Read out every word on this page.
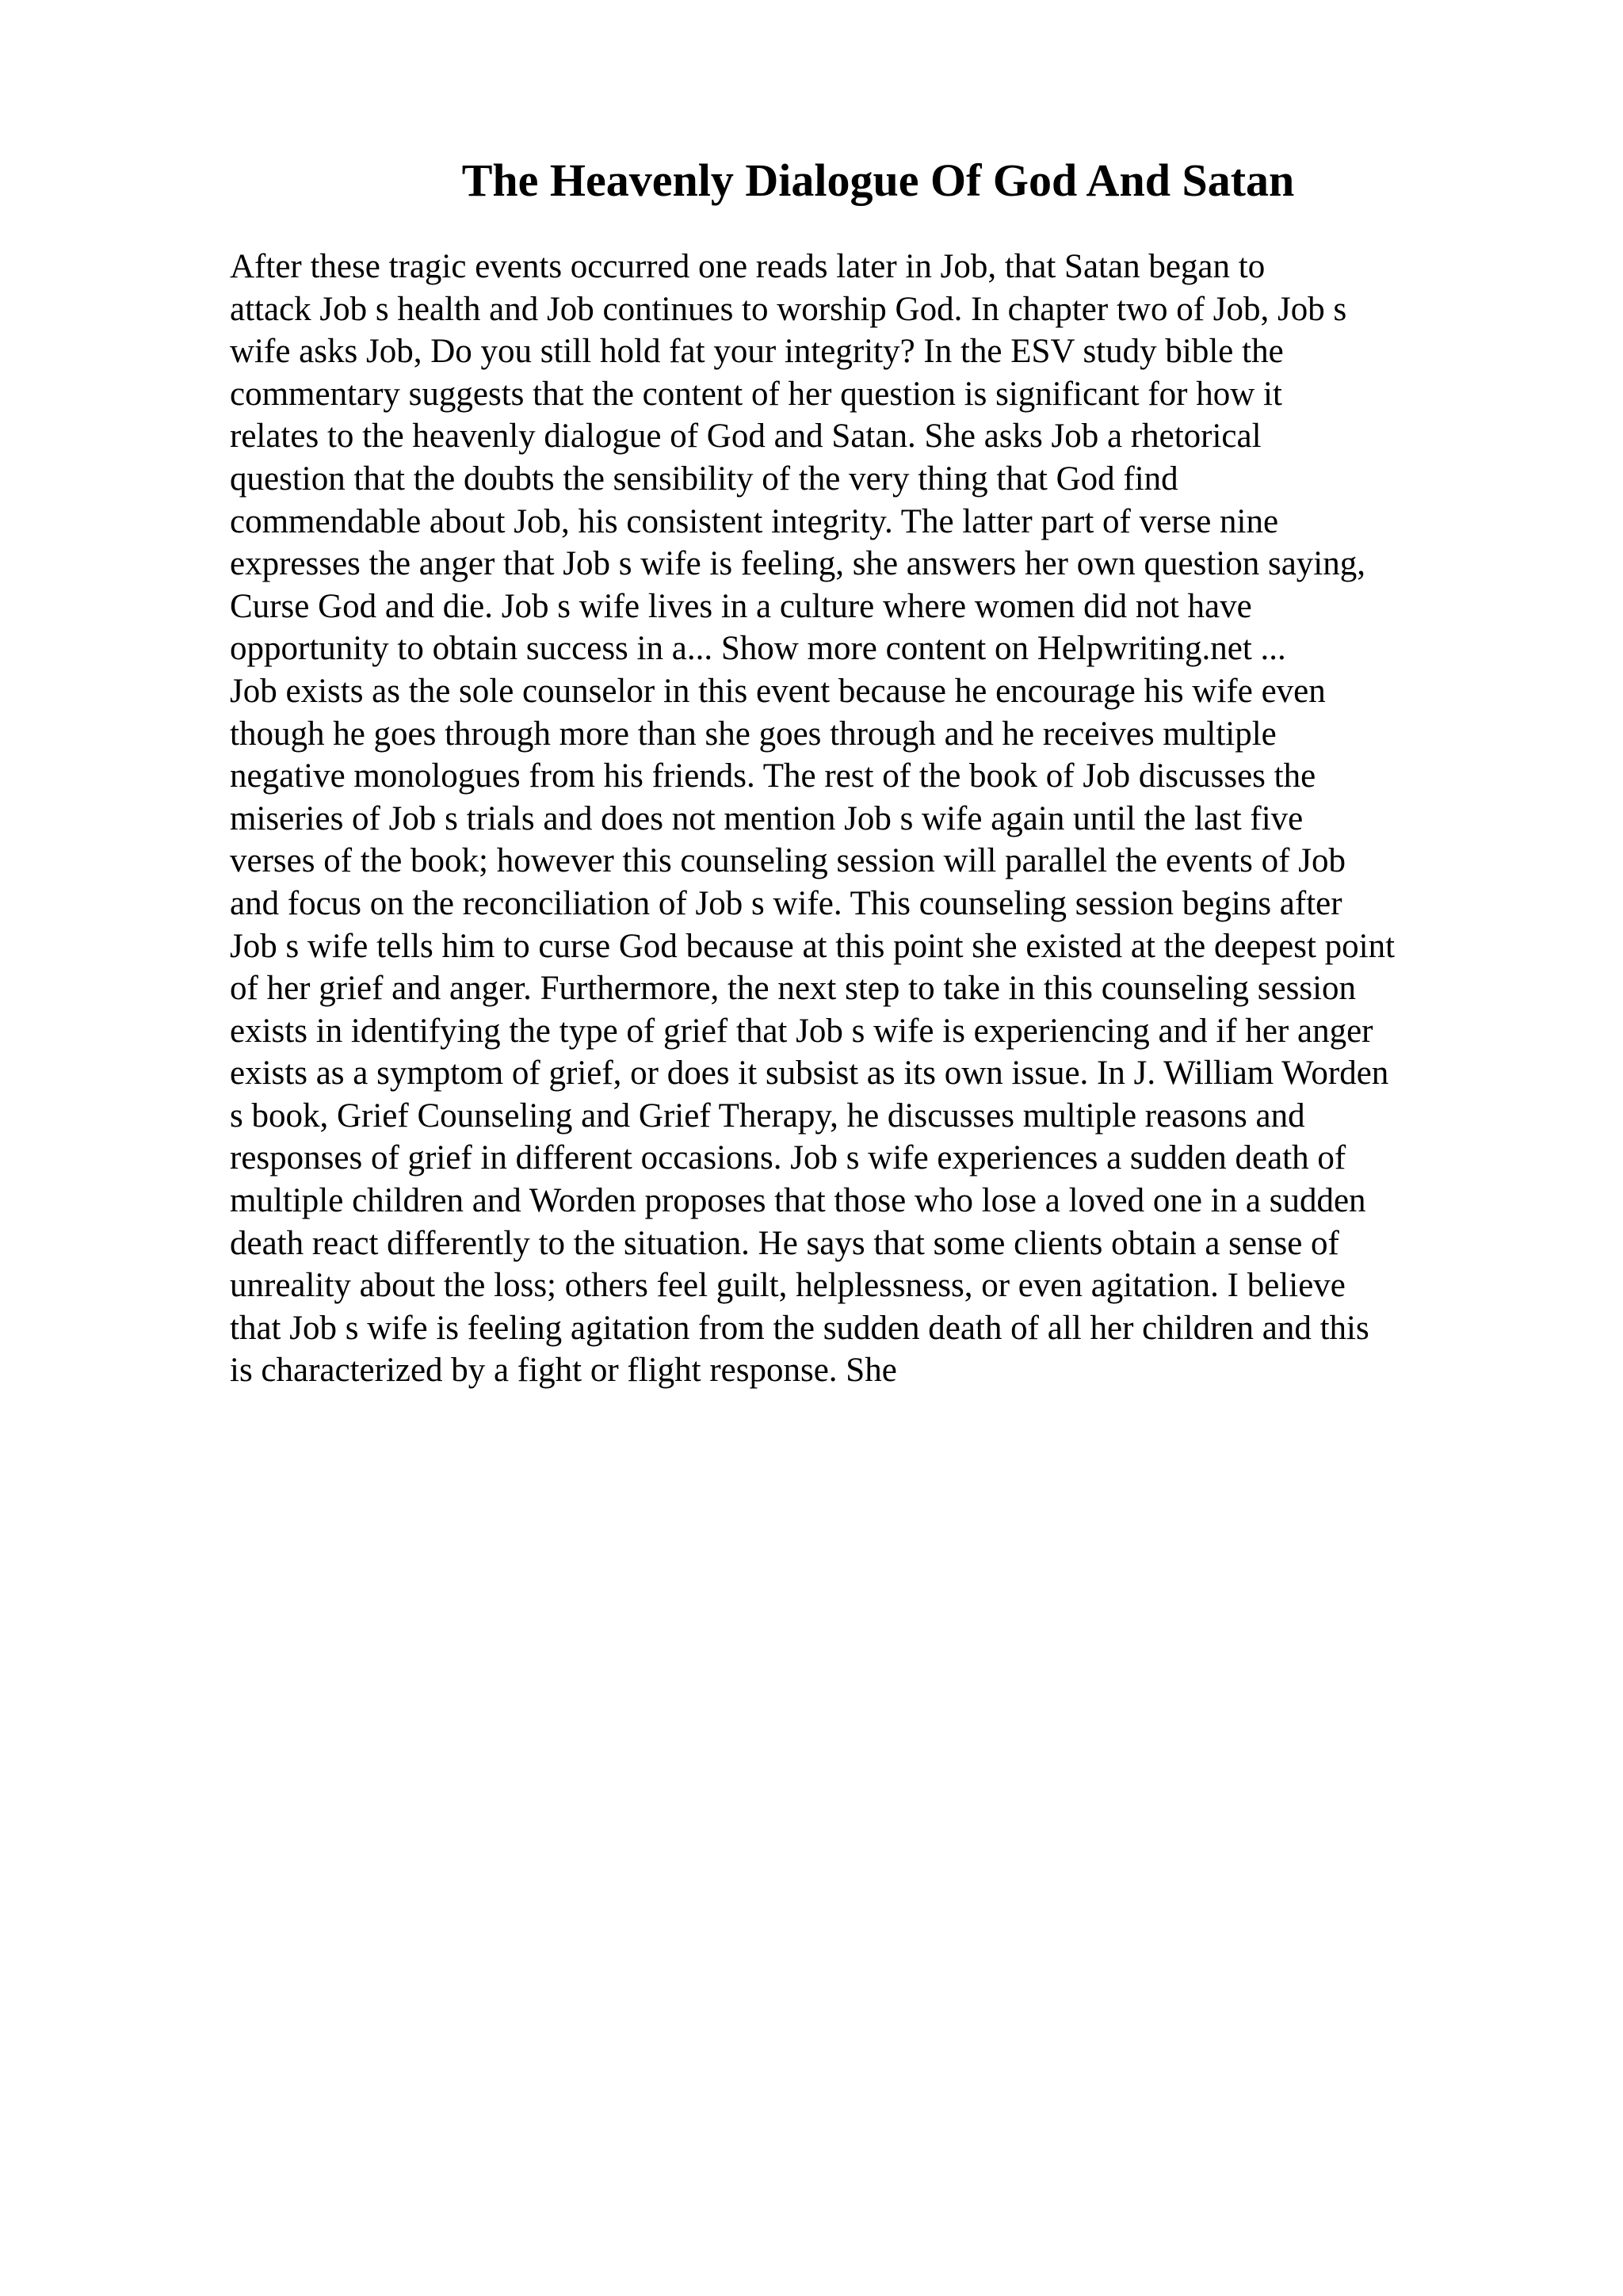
The Heavenly Dialogue Of God And Satan
After these tragic events occurred one reads later in Job, that Satan began to
attack Job s health and Job continues to worship God. In chapter two of Job, Job s
wife asks Job, Do you still hold fat your integrity? In the ESV study bible the
commentary suggests that the content of her question is significant for how it
relates to the heavenly dialogue of God and Satan. She asks Job a rhetorical
question that the doubts the sensibility of the very thing that God find
commendable about Job, his consistent integrity. The latter part of verse nine
expresses the anger that Job s wife is feeling, she answers her own question saying,
Curse God and die. Job s wife lives in a culture where women did not have
opportunity to obtain success in a... Show more content on Helpwriting.net ...
Job exists as the sole counselor in this event because he encourage his wife even
though he goes through more than she goes through and he receives multiple
negative monologues from his friends. The rest of the book of Job discusses the
miseries of Job s trials and does not mention Job s wife again until the last five
verses of the book; however this counseling session will parallel the events of Job
and focus on the reconciliation of Job s wife. This counseling session begins after
Job s wife tells him to curse God because at this point she existed at the deepest point
of her grief and anger. Furthermore, the next step to take in this counseling session
exists in identifying the type of grief that Job s wife is experiencing and if her anger
exists as a symptom of grief, or does it subsist as its own issue. In J. William Worden
s book, Grief Counseling and Grief Therapy, he discusses multiple reasons and
responses of grief in different occasions. Job s wife experiences a sudden death of
multiple children and Worden proposes that those who lose a loved one in a sudden
death react differently to the situation. He says that some clients obtain a sense of
unreality about the loss; others feel guilt, helplessness, or even agitation. I believe
that Job s wife is feeling agitation from the sudden death of all her children and this
is characterized by a fight or flight response. She
